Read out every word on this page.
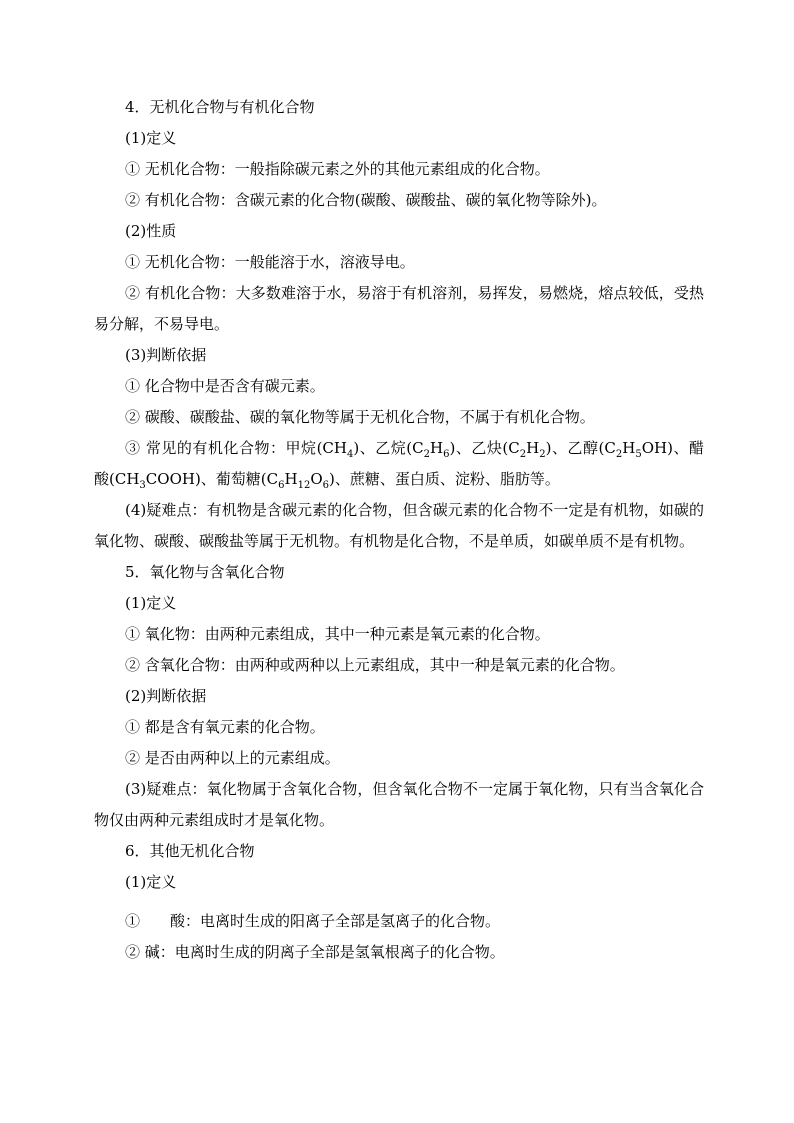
4．无机化合物与有机化合物

(1)定义

① 无机化合物：一般指除碳元素之外的其他元素组成的化合物。

② 有机化合物：含碳元素的化合物(碳酸、碳酸盐、碳的氧化物等除外)。

(2)性质

① 无机化合物：一般能溶于水，溶液导电。

② 有机化合物：大多数难溶于水，易溶于有机溶剂，易挥发，易燃烧，熔点较低，受热易分解，不易导电。

(3)判断依据

① 化合物中是否含有碳元素。

② 碳酸、碳酸盐、碳的氧化物等属于无机化合物，不属于有机化合物。

③ 常见的有机化合物：甲烷$(CH_4)$、乙烷$(C_2H_6)$、乙炔$(C_2H_2)$、乙醇$(C_2H_5OH)$、醋酸$(CH_3COOH)$、葡萄糖$(C_6H_{12}O_6)$、蔗糖、蛋白质、淀粉、脂肪等。

(4)疑难点：有机物是含碳元素的化合物，但含碳元素的化合物不一定是有机物，如碳的氧化物、碳酸、碳酸盐等属于无机物。有机物是化合物，不是单质，如碳单质不是有机物。

5．氧化物与含氧化合物

(1)定义

① 氧化物：由两种元素组成，其中一种元素是氧元素的化合物。

② 含氧化合物：由两种或两种以上元素组成，其中一种是氧元素的化合物。

(2)判断依据

① 都是含有氧元素的化合物。

② 是否由两种以上的元素组成。

(3)疑难点：氧化物属于含氧化合物，但含氧化合物不一定属于氧化物，只有当含氧化合物仅由两种元素组成时才是氧化物。

6．其他无机化合物

(1)定义

①　　酸：电离时生成的阳离子全部是氢离子的化合物。

② 碱：电离时生成的阴离子全部是氢氧根离子的化合物。
